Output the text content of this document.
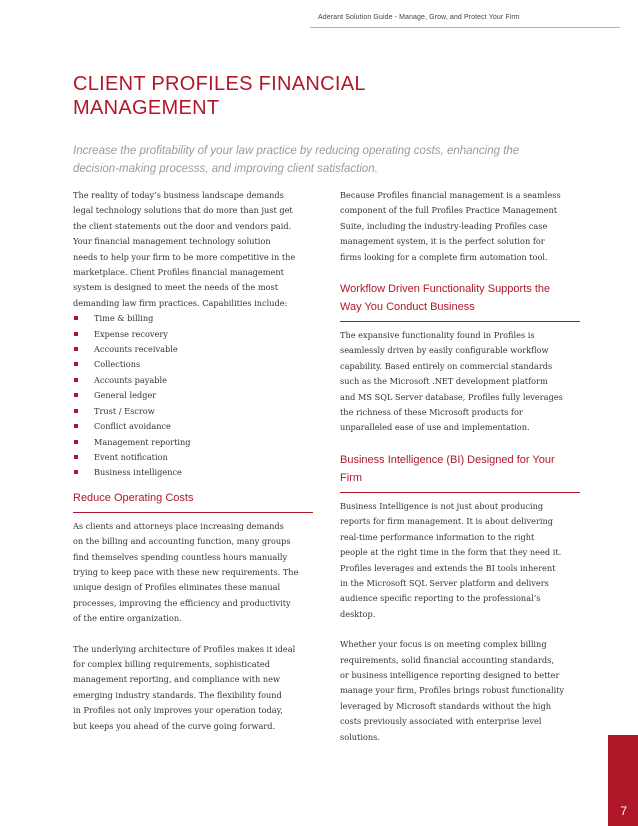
Aderant Solution Guide - Manage, Grow, and Protect Your Firm
CLIENT PROFILES FINANCIAL
MANAGEMENT
Increase the profitability of your law practice by reducing operating costs, enhancing the decision-making processs, and improving client satisfaction.

The reality of today’s business landscape demands
legal technology solutions that do more than just get
the client statements out the door and vendors paid.
Your financial management technology solution
needs to help your firm to be more competitive in the
marketplace. Client Profiles financial management
system is designed to meet the needs of the most
demanding law firm practices. Capabilities include:

Time & billing
Expense recovery
Accounts receivable
Collections
Accounts payable
General ledger
Trust / Escrow
Conflict avoidance
Management reporting
Event notification
Business intelligence
Reduce Operating Costs

As clients and attorneys place increasing demands
on the billing and accounting function, many groups
find themselves spending countless hours manually
trying to keep pace with these new requirements. The
unique design of Profiles eliminates these manual
processes, improving the efficiency and productivity
of the entire organization.

The underlying architecture of Profiles makes it ideal
for complex billing requirements, sophisticated
management reporting, and compliance with new
emerging industry standards. The flexibility found
in Profiles not only improves your operation today,
but keeps you ahead of the curve going forward.

Because Profiles financial management is a seamless
component of the full Profiles Practice Management
Suite, including the industry-leading Profiles case
management system, it is the perfect solution for
firms looking for a complete firm automation tool.

Workflow Driven Functionality Supports the
Way You Conduct Business

The expansive functionality found in Profiles is
seamlessly driven by easily configurable workflow
capability. Based entirely on commercial standards
such as the Microsoft .NET development platform
and MS SQL Server database, Profiles fully leverages
the richness of these Microsoft products for
unparalleled ease of use and implementation.

Business Intelligence (BI) Designed for Your
Firm

Business Intelligence is not just about producing
reports for firm management. It is about delivering
real-time performance information to the right
people at the right time in the form that they need it.
Profiles leverages and extends the BI tools inherent
in the Microsoft SQL Server platform and delivers
audience specific reporting to the professional’s
desktop.

Whether your focus is on meeting complex billing
requirements, solid financial accounting standards,
or business intelligence reporting designed to better
manage your firm, Profiles brings robust functionality
leveraged by Microsoft standards without the high
costs previously associated with enterprise level
solutions.

7
